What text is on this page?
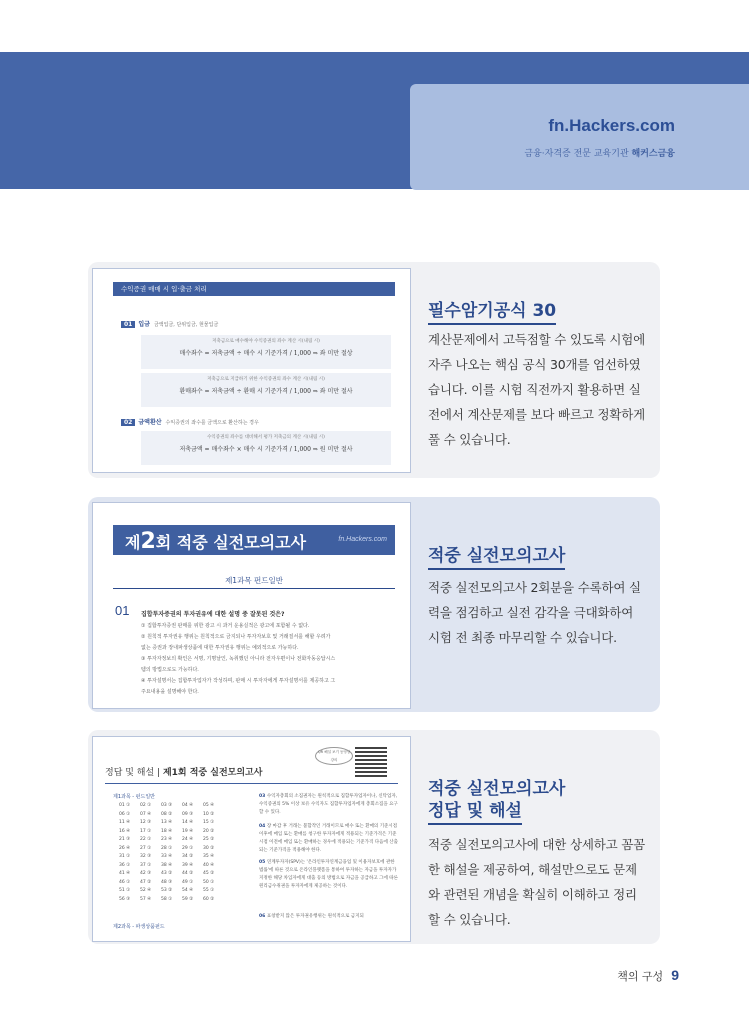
fn.Hackers.com
금융·자격증 전문 교육기관 해커스금융
수익증권 매매 시 입·출금 처리
01 입금 금액입금, 단위입금, 현물입금
저축금으로 매수해야 수익증권의 좌수 계산 시(내림 시)
매수좌수 = 저축금액 ÷ 매수 시 기준가격 / 1,000 ⇒ 좌 미만 절상
저축금으로 지급하기 위한 수익증권의 좌수 계산 시(내림 시)
환매좌수 = 저축금액 ÷ 환매 시 기준가격 / 1,000 ⇒ 좌 미만 절사
02 금액환산 수익증권의 좌수를 금액으로 환산하는 경우
수익증권의 좌수를 대비해서 평가 저축금의 계산 시(내림 시)
저축금액 = 매수좌수 × 매수 시 기준가격 / 1,000 ⇒ 원 미만 절사
필수암기공식 30
계산문제에서 고득점할 수 있도록 시험에 자주 나오는 핵심 공식 30개를 엄선하였습니다. 이를 시험 직전까지 활용하면 실전에서 계산문제를 보다 빠르고 정확하게 풀 수 있습니다.
제2회 적중 실전모의고사	fn.Hackers.com
제1과목 펀드일반
01 집합투자증권의 투자권유에 대한 설명 중 잘못된 것은?
① 집합투자증권 판매를 위한 광고 시 과거 운용실적은 광고에 포함될 수 없다.
② 원칙적 투자권유 행위는 원칙적으로 금지되나 투자자보호 및 거래질서를 해할 우려가
없는 증권과 장내파생상품에 대한 투자권유 행위는 예외적으로 가능하다.
③ 투자자정보의 확인은 서명, 기명날인, 녹취했던 아니라 전자우편이나 전화자동응답시스
템의 방법으로도 가능하다.
④ 투자설명서는 집합투자업자가 작성하며, 판매 시 투자자에게 투자설명서를 제공하고 그
주요내용을 설명해야 한다.
적중 실전모의고사
적중 실전모의고사 2회분을 수록하여 실력을 점검하고 실전 감각을 극대화하여 시험 전 최종 마무리할 수 있습니다.
정답 및 해설 | 제1회 적중 실전모의고사
QR 해설 보기 동영상 강의
제1과목 - 펀드일반
01 ① 02 ① 03 ③ 04 ④ 05 ④
06 ① 07 ④ 08 ② 09 ③ 10 ②
11 ④ 12 ③ 13 ④ 14 ④ 15 ①
16 ④ 17 ① 18 ④ 19 ④ 20 ②
21 ③ 22 ① 23 ④ 24 ④ 25 ②
26 ④ 27 ① 28 ① 29 ① 30 ②
31 ① 32 ③ 33 ④ 34 ② 35 ④
36 ① 37 ① 38 ④ 39 ④ 40 ④
41 ④ 42 ③ 43 ② 44 ② 45 ②
46 ① 47 ② 48 ③ 49 ① 50 ①
51 ① 52 ④ 53 ② 54 ④ 55 ①
56 ③ 57 ④ 58 ① 59 ② 60 ②
제2과목 - 파생상품펀드
03 수익자총회의 소집권자는 원칙적으로 집합투자업자이나, 신탁업자, 수익증권의 5% 이상 보유 수익자도 집합투자업자에게 총회소집을 요구할 수 있다.
04 장 마감 후 거래는 불합작인 거래이므로 매수 또는 환매의 기준시점 이후에 매입 또는 환매를 청구한 투자자에게 적용되는 기준가격은 기준시점 이전에 매입 또는 환매하는 경우에 적용되는 기준가격 다음에 산출되는 기준가격을 적용해야 한다.
05 연계투자자(SPV)는 '온라인투자연계금융업 및 이용자보호에 관한 법률'에 따른 것으로 온라인플랫폼을 통하여 투자하는 자금을 투자자가 지정한 해당 차입자에게 대출 등의 방법으로 자금을 공급하고 그에 따른 원리금수취권을 투자자에게 제공하는 것이다.
06 표창받지 않은 투자권유행위는 원칙적으로 금지되
적중 실전모의고사
정답 및 해설
적중 실전모의고사에 대한 상세하고 꼼꼼한 해설을 제공하여, 해설만으로도 문제와 관련된 개념을 확실히 이해하고 정리할 수 있습니다.
책의 구성 9
